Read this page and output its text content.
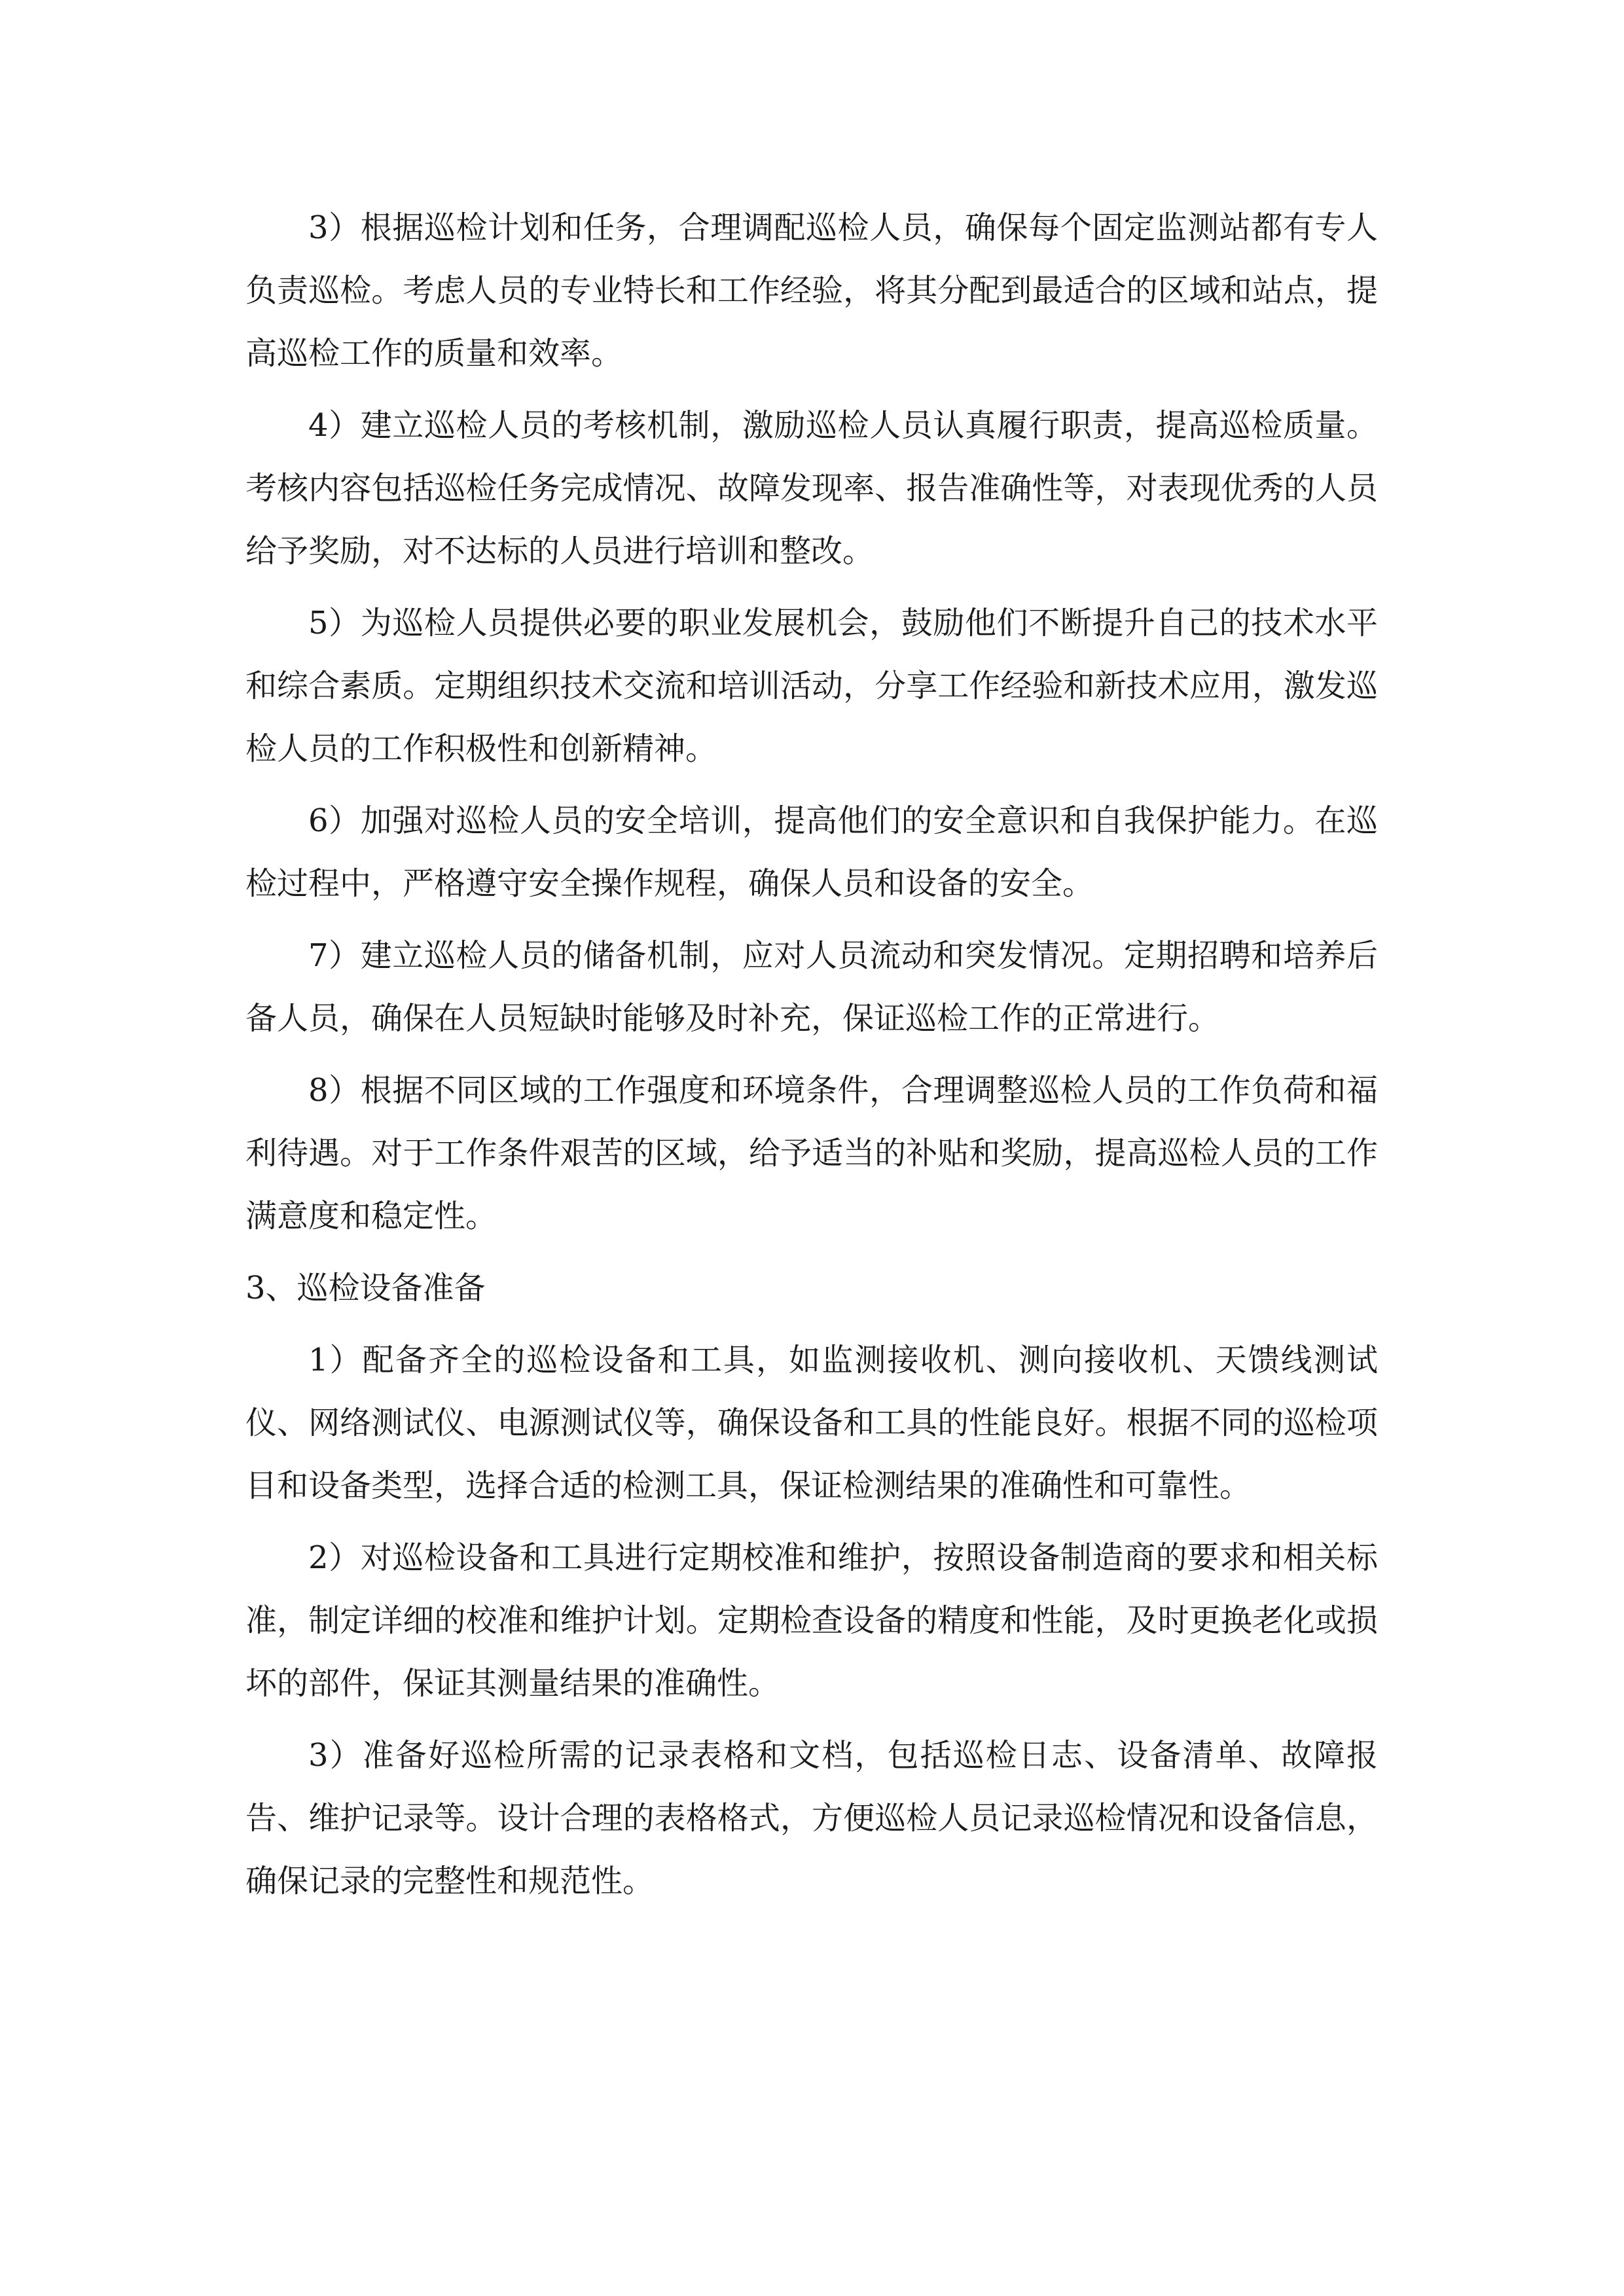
3）根据巡检计划和任务，合理调配巡检人员，确保每个固定监测站都有专人负责巡检。考虑人员的专业特长和工作经验，将其分配到最适合的区域和站点，提高巡检工作的质量和效率。

4）建立巡检人员的考核机制，激励巡检人员认真履行职责，提高巡检质量。考核内容包括巡检任务完成情况、故障发现率、报告准确性等，对表现优秀的人员给予奖励，对不达标的人员进行培训和整改。

5）为巡检人员提供必要的职业发展机会，鼓励他们不断提升自己的技术水平和综合素质。定期组织技术交流和培训活动，分享工作经验和新技术应用，激发巡检人员的工作积极性和创新精神。

6）加强对巡检人员的安全培训，提高他们的安全意识和自我保护能力。在巡检过程中，严格遵守安全操作规程，确保人员和设备的安全。

7）建立巡检人员的储备机制，应对人员流动和突发情况。定期招聘和培养后备人员，确保在人员短缺时能够及时补充，保证巡检工作的正常进行。

8）根据不同区域的工作强度和环境条件，合理调整巡检人员的工作负荷和福利待遇。对于工作条件艰苦的区域，给予适当的补贴和奖励，提高巡检人员的工作满意度和稳定性。

3、巡检设备准备

1）配备齐全的巡检设备和工具，如监测接收机、测向接收机、天馈线测试仪、网络测试仪、电源测试仪等，确保设备和工具的性能良好。根据不同的巡检项目和设备类型，选择合适的检测工具，保证检测结果的准确性和可靠性。

2）对巡检设备和工具进行定期校准和维护，按照设备制造商的要求和相关标准，制定详细的校准和维护计划。定期检查设备的精度和性能，及时更换老化或损坏的部件，保证其测量结果的准确性。

3）准备好巡检所需的记录表格和文档，包括巡检日志、设备清单、故障报告、维护记录等。设计合理的表格格式，方便巡检人员记录巡检情况和设备信息，确保记录的完整性和规范性。
